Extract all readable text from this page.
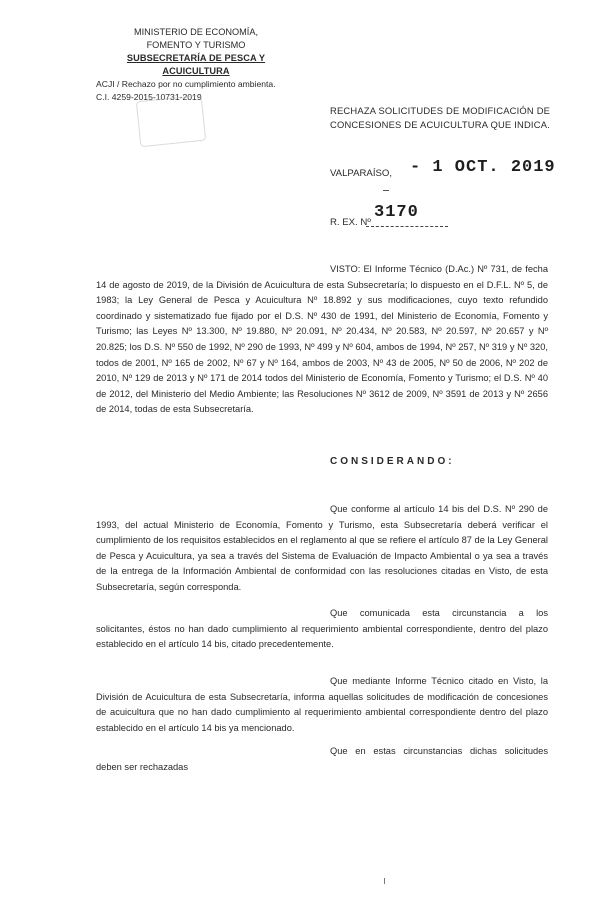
MINISTERIO DE ECONOMÍA,
FOMENTO Y TURISMO
SUBSECRETARÍA DE PESCA Y ACUICULTURA
ACJI / Rechazo por no cumplimiento ambienta.
C.I. 4259-2015-10731-2019

RECHAZA SOLICITUDES DE MODIFICACIÓN DE CONCESIONES DE ACUICULTURA QUE INDICA.
VALPARAÍSO, - 1 OCT. 2019
R. EX. Nº
3170
VISTO: El Informe Técnico (D.Ac.) Nº 731, de fecha 14 de agosto de 2019, de la División de Acuicultura de esta Subsecretaría; lo dispuesto en el D.F.L. Nº 5, de 1983; la Ley General de Pesca y Acuicultura Nº 18.892 y sus modificaciones, cuyo texto refundido coordinado y sistematizado fue fijado por el D.S. Nº 430 de 1991, del Ministerio de Economía, Fomento y Turismo; las Leyes Nº 13.300, Nº 19.880, Nº 20.091, Nº 20.434, Nº 20.583, Nº 20.597, Nº 20.657 y Nº 20.825; los D.S. Nº 550 de 1992, Nº 290 de 1993, Nº 499 y Nº 604, ambos de 1994, Nº 257, Nº 319 y Nº 320, todos de 2001, Nº 165 de 2002, Nº 67 y Nº 164, ambos de 2003, Nº 43 de 2005, Nº 50 de 2006, Nº 202 de 2010, Nº 129 de 2013 y Nº 171 de 2014 todos del Ministerio de Economía, Fomento y Turismo; el D.S. Nº 40 de 2012, del Ministerio del Medio Ambiente; las Resoluciones Nº 3612 de 2009, Nº 3591 de 2013 y Nº 2656 de 2014, todas de esta Subsecretaría.
CONSIDERANDO:
Que conforme al artículo 14 bis del D.S. Nº 290 de 1993, del actual Ministerio de Economía, Fomento y Turismo, esta Subsecretaría deberá verificar el cumplimiento de los requisitos establecidos en el reglamento al que se refiere el artículo 87 de la Ley General de Pesca y Acuicultura, ya sea a través del Sistema de Evaluación de Impacto Ambiental o ya sea a través de la entrega de la Información Ambiental de conformidad con las resoluciones citadas en Visto, de esta Subsecretaría, según corresponda.
Que comunicada esta circunstancia a los solicitantes, éstos no han dado cumplimiento al requerimiento ambiental correspondiente, dentro del plazo establecido en el artículo 14 bis, citado precedentemente.
Que mediante Informe Técnico citado en Visto, la División de Acuicultura de esta Subsecretaría, informa aquellas solicitudes de modificación de concesiones de acuicultura que no han dado cumplimiento al requerimiento ambiental correspondiente dentro del plazo establecido en el artículo 14 bis ya mencionado.
Que en estas circunstancias dichas solicitudes deben ser rechazadas
